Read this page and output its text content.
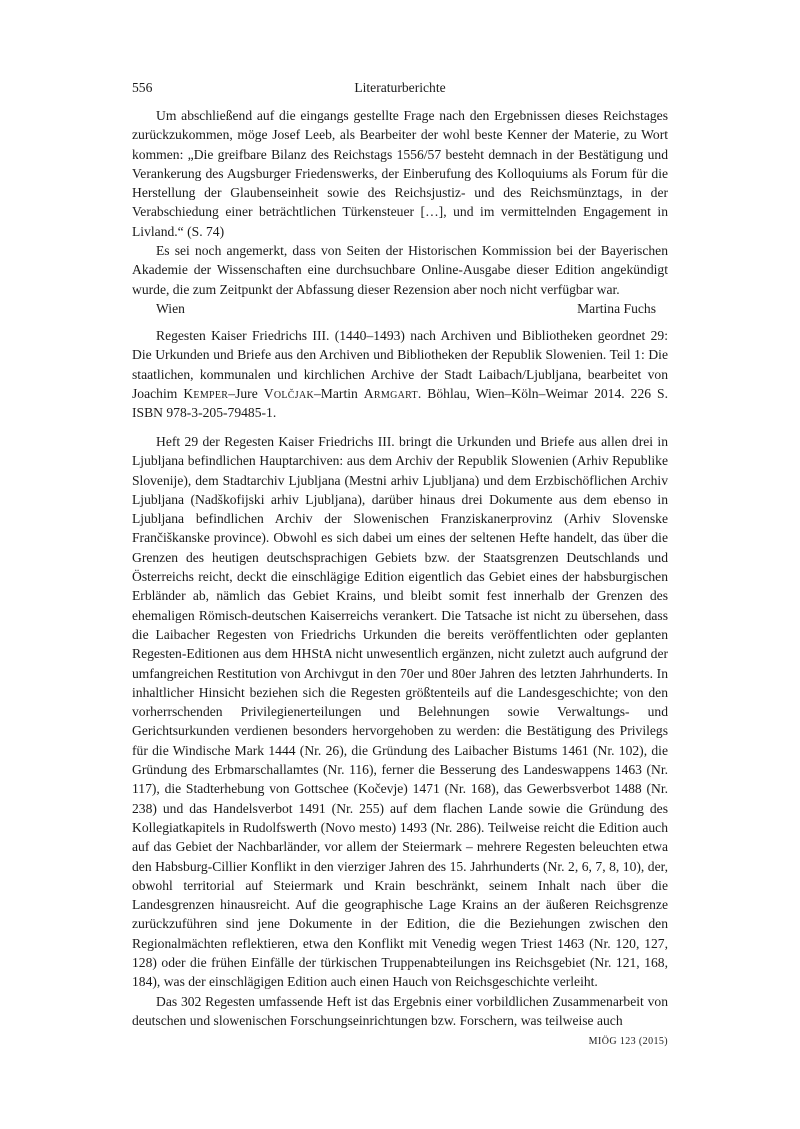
556	Literaturberichte

Um abschließend auf die eingangs gestellte Frage nach den Ergebnissen dieses Reichstages zurückzukommen, möge Josef Leeb, als Bearbeiter der wohl beste Kenner der Materie, zu Wort kommen: „Die greifbare Bilanz des Reichstags 1556/57 besteht demnach in der Bestätigung und Verankerung des Augsburger Friedenswerks, der Einberufung des Kolloquiums als Forum für die Herstellung der Glaubenseinheit sowie des Reichsjustiz- und des Reichsmünztags, in der Verabschiedung einer beträchtlichen Türkensteuer […], und im vermittelnden Engagement in Livland.“ (S. 74)

Es sei noch angemerkt, dass von Seiten der Historischen Kommission bei der Bayerischen Akademie der Wissenschaften eine durchsuchbare Online-Ausgabe dieser Edition angekündigt wurde, die zum Zeitpunkt der Abfassung dieser Rezension aber noch nicht verfügbar war.

Wien	Martina Fuchs

Regesten Kaiser Friedrichs III. (1440–1493) nach Archiven und Bibliotheken geordnet 29: Die Urkunden und Briefe aus den Archiven und Bibliotheken der Republik Slowenien. Teil 1: Die staatlichen, kommunalen und kirchlichen Archive der Stadt Laibach/Ljubljana, bearbeitet von Joachim Kemper–Jure Volčjak–Martin Armgart. Böhlau, Wien–Köln–Weimar 2014. 226 S. ISBN 978-3-205-79485-1.

Heft 29 der Regesten Kaiser Friedrichs III. bringt die Urkunden und Briefe aus allen drei in Ljubljana befindlichen Hauptarchiven: aus dem Archiv der Republik Slowenien (Arhiv Republike Slovenije), dem Stadtarchiv Ljubljana (Mestni arhiv Ljubljana) und dem Erzbischöflichen Archiv Ljubljana (Nadškofijski arhiv Ljubljana), darüber hinaus drei Dokumente aus dem ebenso in Ljubljana befindlichen Archiv der Slowenischen Franziskanerprovinz (Arhiv Slovenske Frančiškanske province). Obwohl es sich dabei um eines der seltenen Hefte handelt, das über die Grenzen des heutigen deutschsprachigen Gebiets bzw. der Staatsgrenzen Deutschlands und Österreichs reicht, deckt die einschlägige Edition eigentlich das Gebiet eines der habsburgischen Erbländer ab, nämlich das Gebiet Krains, und bleibt somit fest innerhalb der Grenzen des ehemaligen Römisch-deutschen Kaiserreichs verankert. Die Tatsache ist nicht zu übersehen, dass die Laibacher Regesten von Friedrichs Urkunden die bereits veröffentlichten oder geplanten Regesten-Editionen aus dem HHStA nicht unwesentlich ergänzen, nicht zuletzt auch aufgrund der umfangreichen Restitution von Archivgut in den 70er und 80er Jahren des letzten Jahrhunderts. In inhaltlicher Hinsicht beziehen sich die Regesten größtenteils auf die Landesgeschichte; von den vorherrschenden Privilegienerteilungen und Belehnungen sowie Verwaltungs- und Gerichtsurkunden verdienen besonders hervorgehoben zu werden: die Bestätigung des Privilegs für die Windische Mark 1444 (Nr. 26), die Gründung des Laibacher Bistums 1461 (Nr. 102), die Gründung des Erbmarschallamtes (Nr. 116), ferner die Besserung des Landeswappens 1463 (Nr. 117), die Stadterhebung von Gottschee (Kočevje) 1471 (Nr. 168), das Gewerbsverbot 1488 (Nr. 238) und das Handelsverbot 1491 (Nr. 255) auf dem flachen Lande sowie die Gründung des Kollegiatkapitels in Rudolfswerth (Novo mesto) 1493 (Nr. 286). Teilweise reicht die Edition auch auf das Gebiet der Nachbarländer, vor allem der Steiermark – mehrere Regesten beleuchten etwa den Habsburg-Cillier Konflikt in den vierziger Jahren des 15. Jahrhunderts (Nr. 2, 6, 7, 8, 10), der, obwohl territorial auf Steiermark und Krain beschränkt, seinem Inhalt nach über die Landesgrenzen hinausreicht. Auf die geographische Lage Krains an der äußeren Reichsgrenze zurückzuführen sind jene Dokumente in der Edition, die die Beziehungen zwischen den Regionalmächten reflektieren, etwa den Konflikt mit Venedig wegen Triest 1463 (Nr. 120, 127, 128) oder die frühen Einfälle der türkischen Truppenabteilungen ins Reichsgebiet (Nr. 121, 168, 184), was der einschlägigen Edition auch einen Hauch von Reichsgeschichte verleiht.

Das 302 Regesten umfassende Heft ist das Ergebnis einer vorbildlichen Zusammenarbeit von deutschen und slowenischen Forschungseinrichtungen bzw. Forschern, was teilweise auch

MIÖG 123 (2015)
